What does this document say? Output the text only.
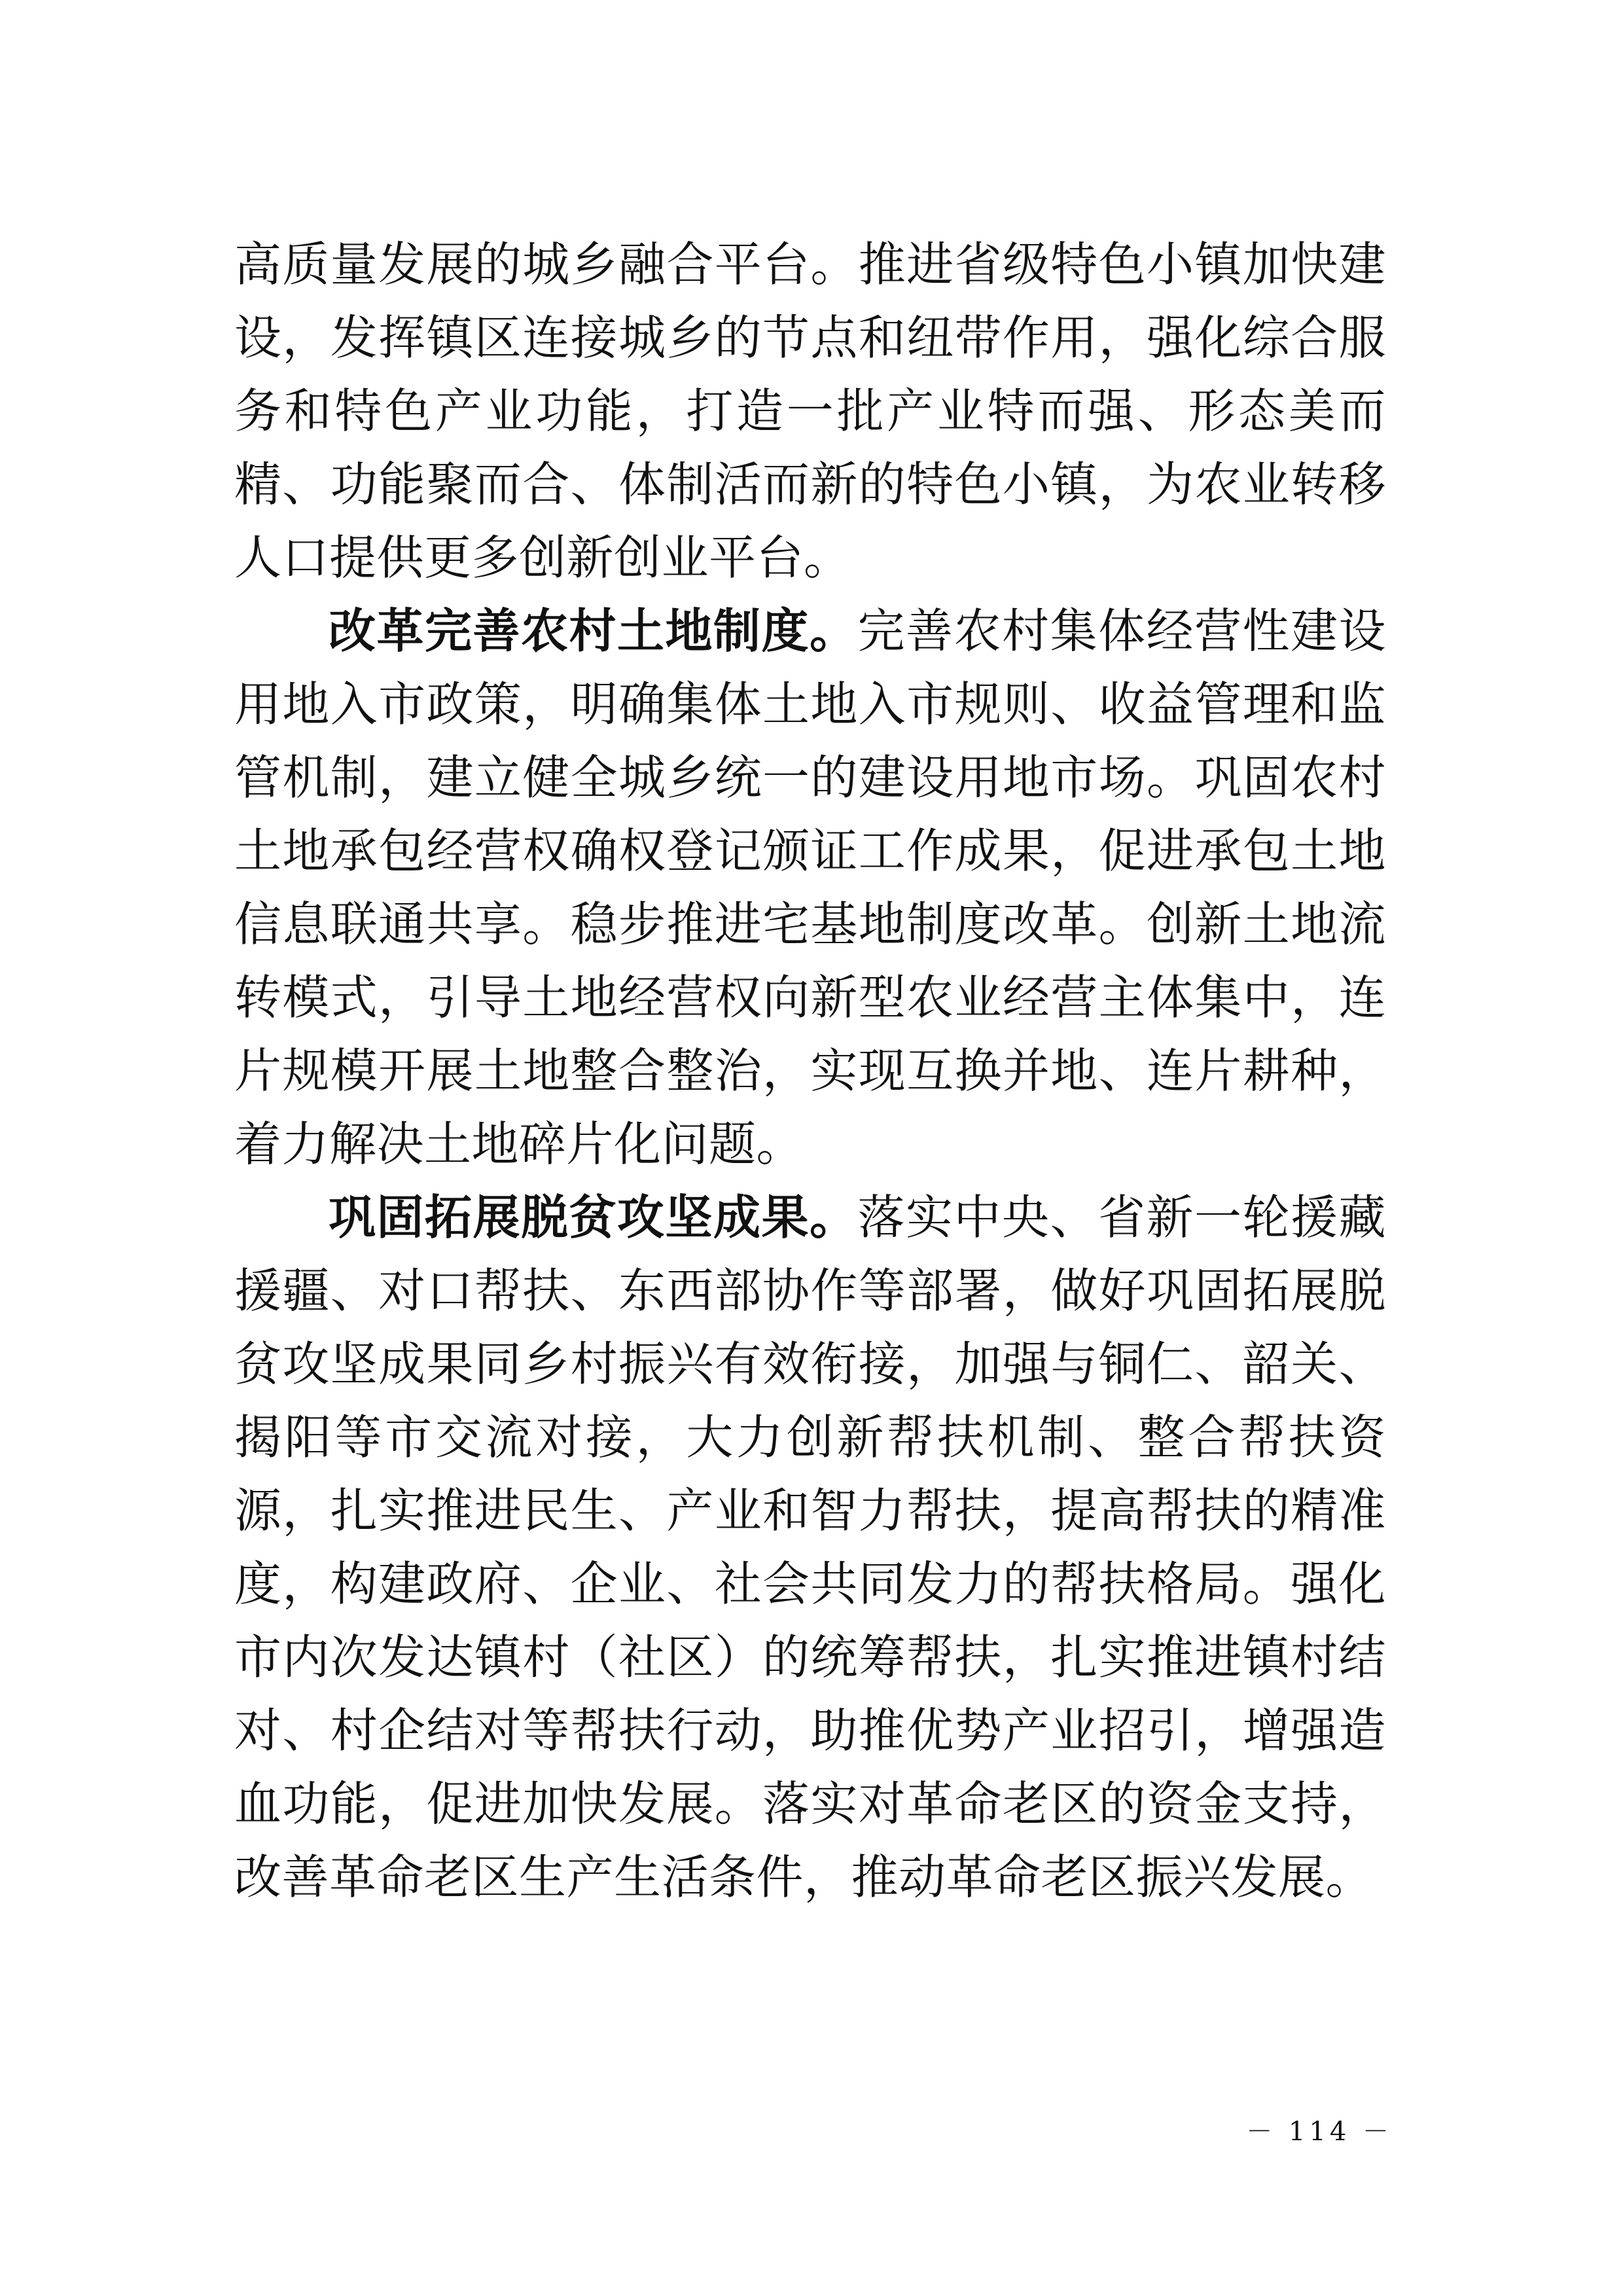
高质量发展的城乡融合平台。推进省级特色小镇加快建设，发挥镇区连接城乡的节点和纽带作用，强化综合服务和特色产业功能，打造一批产业特而强、形态美而精、功能聚而合、体制活而新的特色小镇，为农业转移人口提供更多创新创业平台。

改革完善农村土地制度。完善农村集体经营性建设用地入市政策，明确集体土地入市规则、收益管理和监管机制，建立健全城乡统一的建设用地市场。巩固农村土地承包经营权确权登记颁证工作成果，促进承包土地信息联通共享。稳步推进宅基地制度改革。创新土地流转模式，引导土地经营权向新型农业经营主体集中，连片规模开展土地整合整治，实现互换并地、连片耕种，着力解决土地碎片化问题。

巩固拓展脱贫攻坚成果。落实中央、省新一轮援藏援疆、对口帮扶、东西部协作等部署，做好巩固拓展脱贫攻坚成果同乡村振兴有效衔接，加强与铜仁、韶关、揭阳等市交流对接，大力创新帮扶机制、整合帮扶资源，扎实推进民生、产业和智力帮扶，提高帮扶的精准度，构建政府、企业、社会共同发力的帮扶格局。强化市内次发达镇村（社区）的统筹帮扶，扎实推进镇村结对、村企结对等帮扶行动，助推优势产业招引，增强造血功能，促进加快发展。落实对革命老区的资金支持，改善革命老区生产生活条件，推动革命老区振兴发展。

－ 114 －
